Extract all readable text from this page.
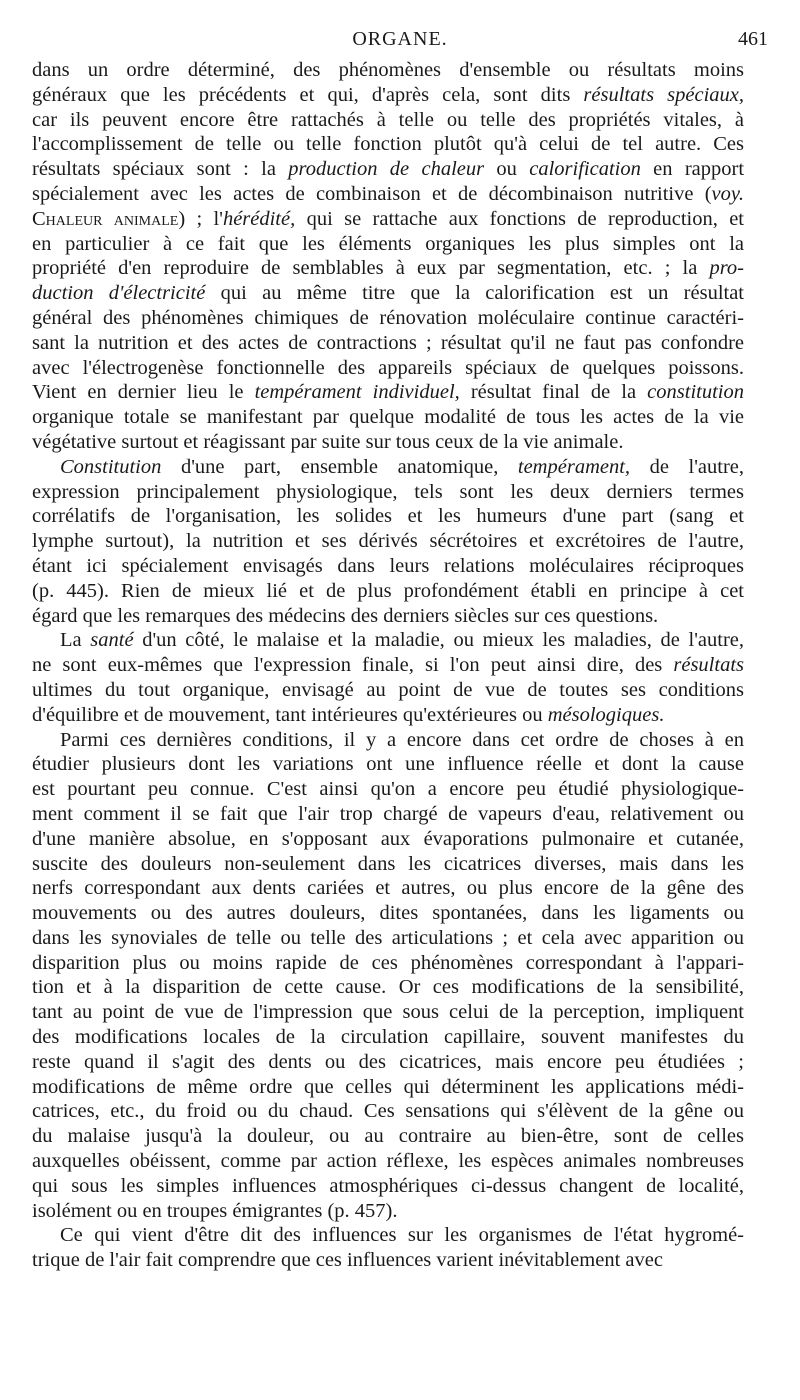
ORGANE.	461
dans un ordre déterminé, des phénomènes d'ensemble ou résultats moins
généraux que les précédents et qui, d'après cela, sont dits résultats spéciaux,
car ils peuvent encore être rattachés à telle ou telle des propriétés vitales, à
l'accomplissement de telle ou telle fonction plutôt qu'à celui de tel autre. Ces
résultats spéciaux sont : la production de chaleur ou calorification en rapport
spécialement avec les actes de combinaison et de décombinaison nutritive (voy.
Chaleur animale) ; l'hérédité, qui se rattache aux fonctions de reproduction, et
en particulier à ce fait que les éléments organiques les plus simples ont la
propriété d'en reproduire de semblables à eux par segmentation, etc. ; la pro-
duction d'électricité qui au même titre que la calorification est un résultat
général des phénomènes chimiques de rénovation moléculaire continue caractéri-
sant la nutrition et des actes de contractions ; résultat qu'il ne faut pas confondre
avec l'électrogenèse fonctionnelle des appareils spéciaux de quelques poissons.
Vient en dernier lieu le tempérament individuel, résultat final de la constitution
organique totale se manifestant par quelque modalité de tous les actes de la vie
végétative surtout et réagissant par suite sur tous ceux de la vie animale.
Constitution d'une part, ensemble anatomique, tempérament, de l'autre,
expression principalement physiologique, tels sont les deux derniers termes
corrélatifs de l'organisation, les solides et les humeurs d'une part (sang et
lymphe surtout), la nutrition et ses dérivés sécrétoires et excrétoires de l'autre,
étant ici spécialement envisagés dans leurs relations moléculaires réciproques
(p. 445). Rien de mieux lié et de plus profondément établi en principe à cet
égard que les remarques des médecins des derniers siècles sur ces questions.
La santé d'un côté, le malaise et la maladie, ou mieux les maladies, de l'autre,
ne sont eux-mêmes que l'expression finale, si l'on peut ainsi dire, des résultats
ultimes du tout organique, envisagé au point de vue de toutes ses conditions
d'équilibre et de mouvement, tant intérieures qu'extérieures ou mésologiques.
Parmi ces dernières conditions, il y a encore dans cet ordre de choses à en
étudier plusieurs dont les variations ont une influence réelle et dont la cause
est pourtant peu connue. C'est ainsi qu'on a encore peu étudié physiologique-
ment comment il se fait que l'air trop chargé de vapeurs d'eau, relativement ou
d'une manière absolue, en s'opposant aux évaporations pulmonaire et cutanée,
suscite des douleurs non-seulement dans les cicatrices diverses, mais dans les
nerfs correspondant aux dents cariées et autres, ou plus encore de la gêne des
mouvements ou des autres douleurs, dites spontanées, dans les ligaments ou
dans les synoviales de telle ou telle des articulations ; et cela avec apparition ou
disparition plus ou moins rapide de ces phénomènes correspondant à l'appari-
tion et à la disparition de cette cause. Or ces modifications de la sensibilité,
tant au point de vue de l'impression que sous celui de la perception, impliquent
des modifications locales de la circulation capillaire, souvent manifestes du
reste quand il s'agit des dents ou des cicatrices, mais encore peu étudiées ;
modifications de même ordre que celles qui déterminent les applications médi-
catrices, etc., du froid ou du chaud. Ces sensations qui s'élèvent de la gêne ou
du malaise jusqu'à la douleur, ou au contraire au bien-être, sont de celles
auxquelles obéissent, comme par action réflexe, les espèces animales nombreuses
qui sous les simples influences atmosphériques ci-dessus changent de localité,
isolément ou en troupes émigrantes (p. 457).
Ce qui vient d'être dit des influences sur les organismes de l'état hygromé-
trique de l'air fait comprendre que ces influences varient inévitablement avec
